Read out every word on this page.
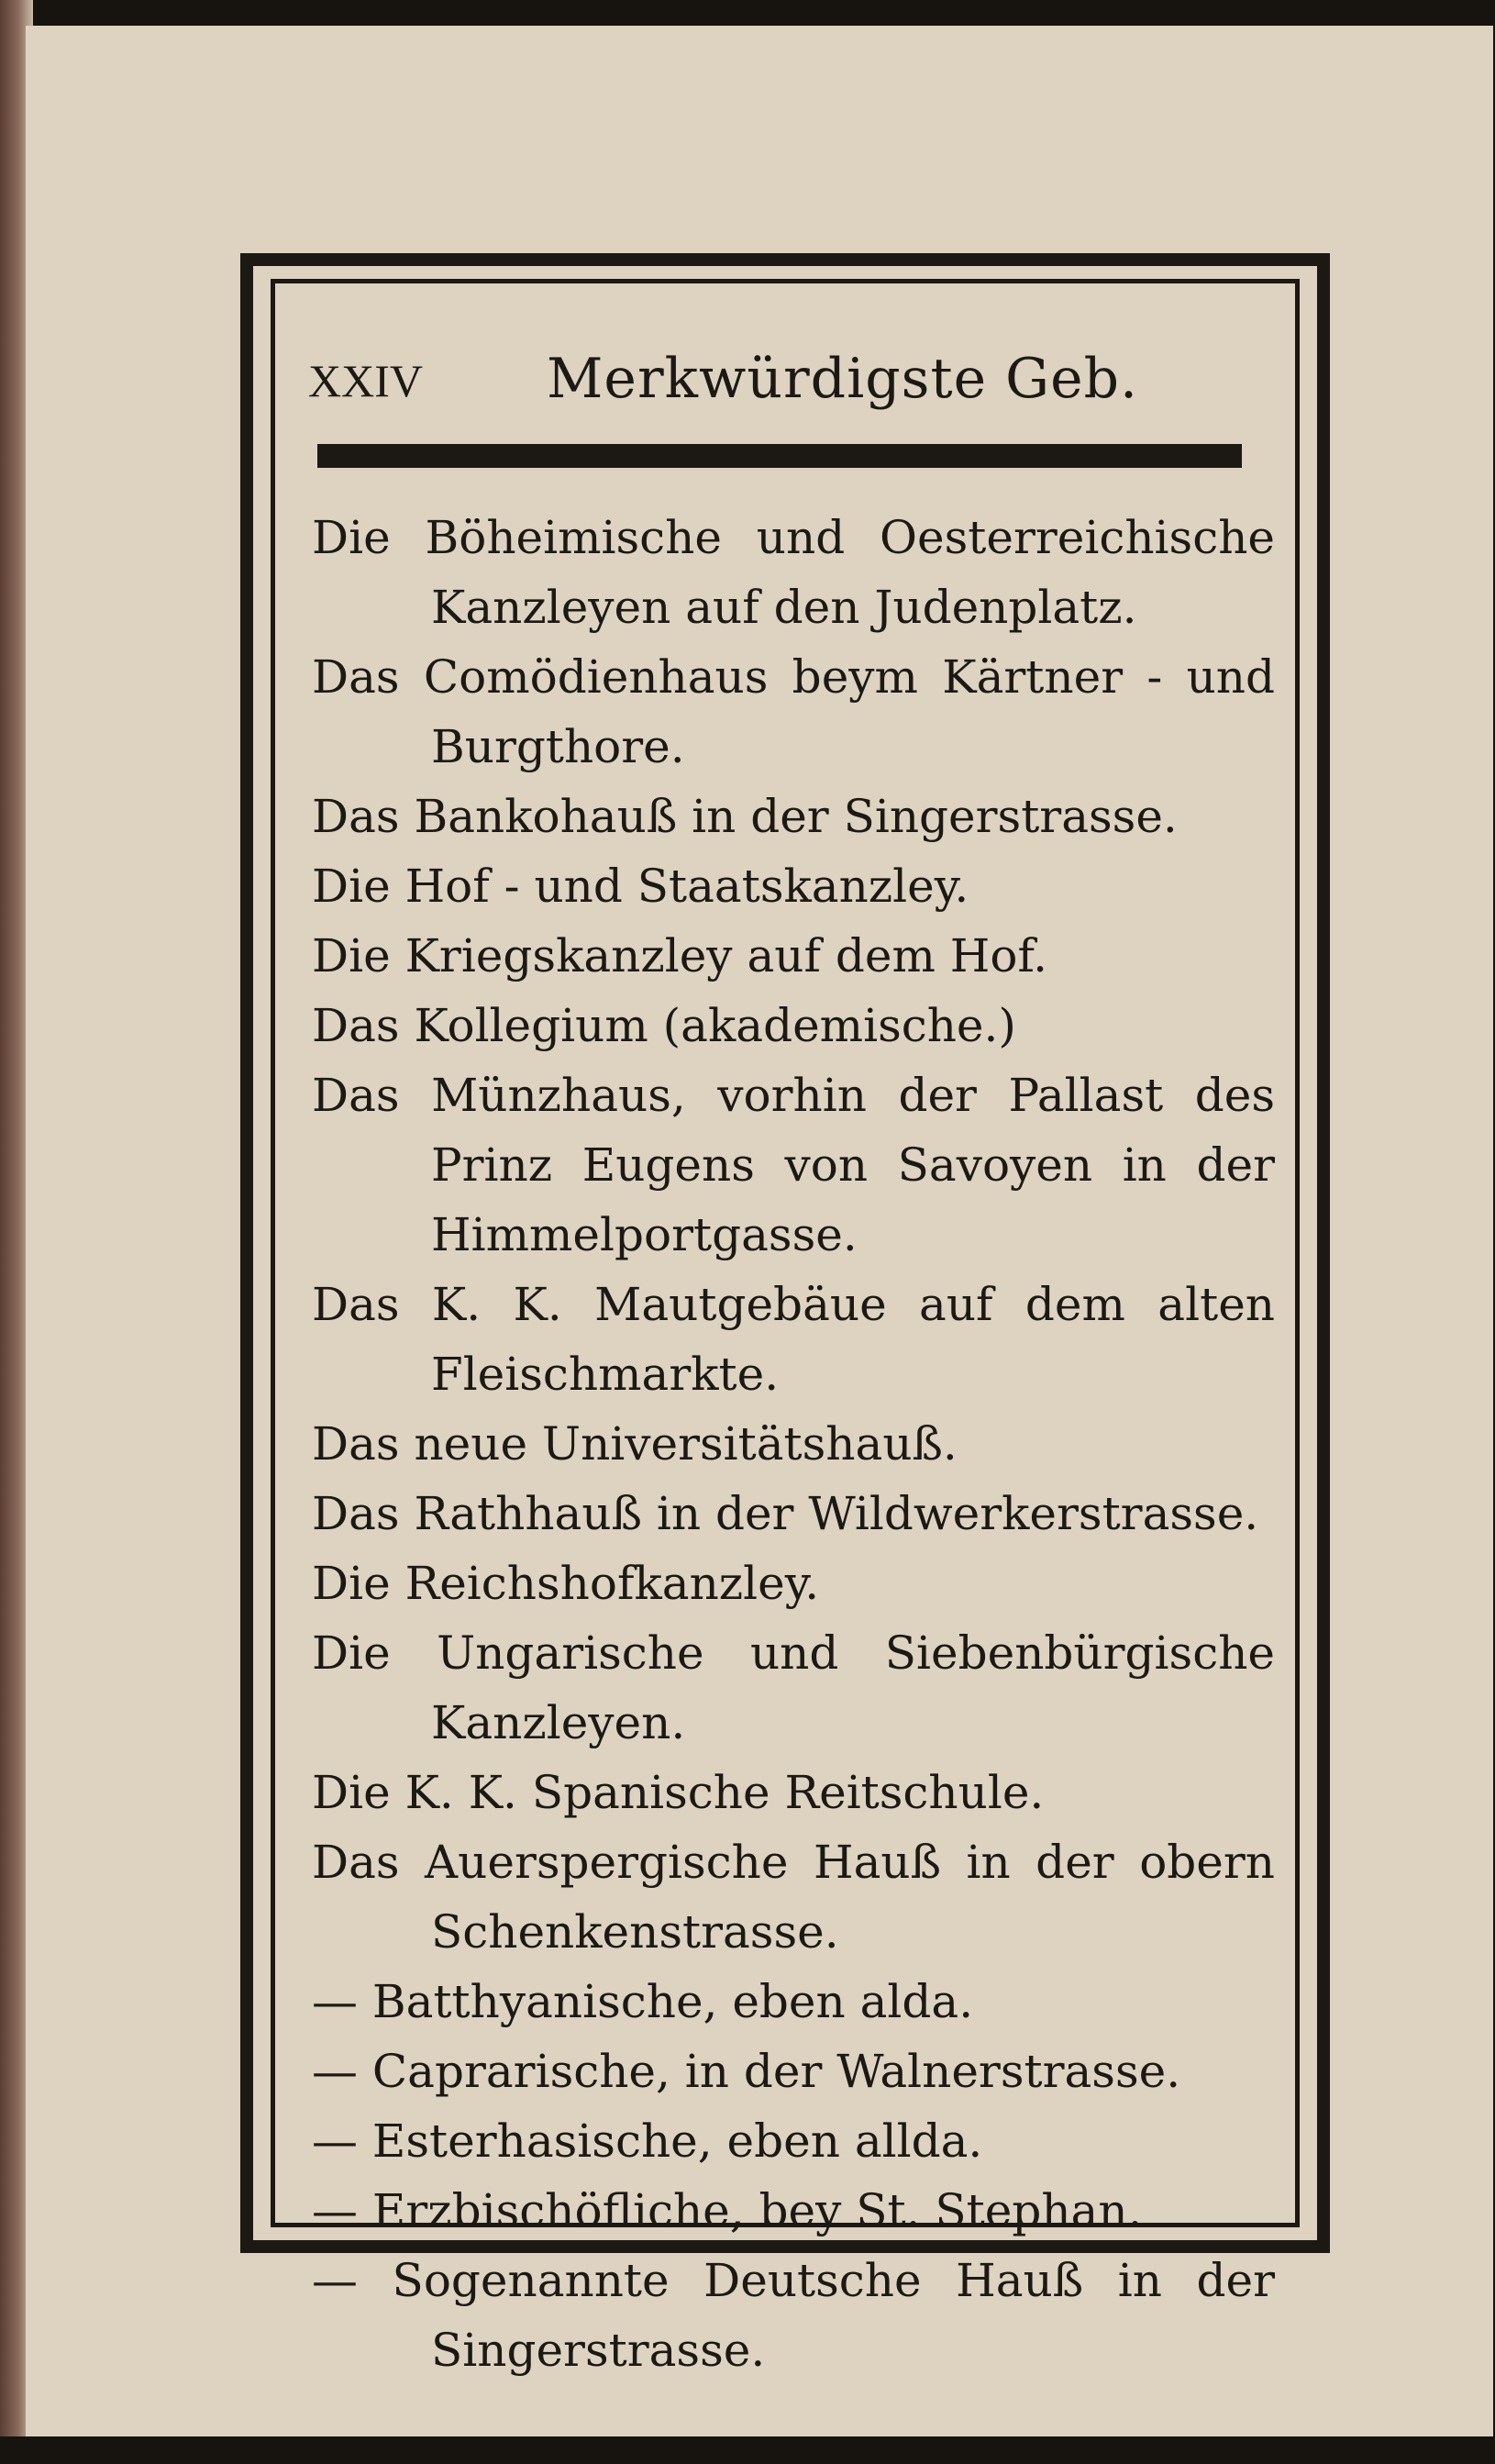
XXIV Merkwürdigste Geb.
Die Böheimische und Oesterreichische Kanzleyen auf den Judenplatz.
Das Comödienhaus beym Kärtner - und Burgthore.
Das Bankohauß in der Singerstrasse.
Die Hof - und Staatskanzley.
Die Kriegskanzley auf dem Hof.
Das Kollegium (akademische.)
Das Münzhaus, vorhin der Pallast des Prinz Eugens von Savoyen in der Himmelportgasse.
Das K. K. Mautgebäue auf dem alten Fleischmarkte.
Das neue Universitätshauß.
Das Rathhauß in der Wildwerkerstrasse.
Die Reichshofkanzley.
Die Ungarische und Siebenbürgische Kanzleyen.
Die K. K. Spanische Reitschule.
Das Auerspergische Hauß in der obern Schenkenstrasse.
— Batthyanische, eben alda.
— Caprarische, in der Walnerstrasse.
— Esterhasische, eben allda.
— Erzbischöfliche, bey St. Stephan.
— Sogenannte Deutsche Hauß in der Singerstrasse.
